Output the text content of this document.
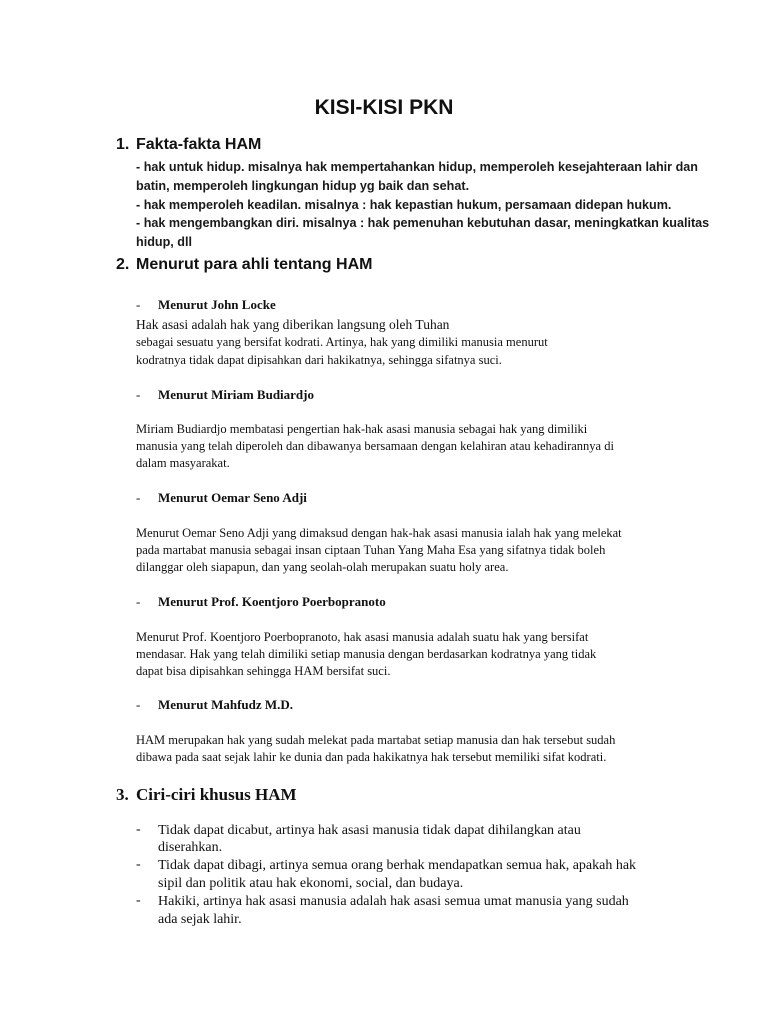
KISI-KISI PKN
1. Fakta-fakta HAM
- hak untuk hidup. misalnya hak mempertahankan hidup, memperoleh kesejahteraan lahir dan
batin, memperoleh lingkungan hidup yg baik dan sehat.
- hak memperoleh keadilan. misalnya : hak kepastian hukum, persamaan didepan hukum.
- hak mengembangkan diri. misalnya : hak pemenuhan kebutuhan dasar, meningkatkan kualitas
hidup, dll
2. Menurut para ahli tentang HAM
- Menurut John Locke
Hak asasi adalah hak yang diberikan langsung oleh Tuhan
sebagai sesuatu yang bersifat kodrati. Artinya, hak yang dimiliki manusia menurut
kodratnya tidak dapat dipisahkan dari hakikatnya, sehingga sifatnya suci.
- Menurut Miriam Budiardjo
Miriam Budiardjo membatasi pengertian hak-hak asasi manusia sebagai hak yang dimiliki
manusia yang telah diperoleh dan dibawanya bersamaan dengan kelahiran atau kehadirannya di
dalam masyarakat.
- Menurut Oemar Seno Adji
Menurut Oemar Seno Adji yang dimaksud dengan hak-hak asasi manusia ialah hak yang melekat
pada martabat manusia sebagai insan ciptaan Tuhan Yang Maha Esa yang sifatnya tidak boleh
dilanggar oleh siapapun, dan yang seolah-olah merupakan suatu holy area.
- Menurut Prof. Koentjoro Poerbopranoto
Menurut Prof. Koentjoro Poerbopranoto, hak asasi manusia adalah suatu hak yang bersifat
mendasar. Hak yang telah dimiliki setiap manusia dengan berdasarkan kodratnya yang tidak
dapat bisa dipisahkan sehingga HAM bersifat suci.
- Menurut Mahfudz M.D.
HAM merupakan hak yang sudah melekat pada martabat setiap manusia dan hak tersebut sudah
dibawa pada saat sejak lahir ke dunia dan pada hakikatnya hak tersebut memiliki sifat kodrati.
3. Ciri-ciri khusus HAM
- Tidak dapat dicabut, artinya hak asasi manusia tidak dapat dihilangkan atau
diserahkan.
- Tidak dapat dibagi, artinya semua orang berhak mendapatkan semua hak, apakah hak
sipil dan politik atau hak ekonomi, social, dan budaya.
- Hakiki, artinya hak asasi manusia adalah hak asasi semua umat manusia yang sudah
ada sejak lahir.
